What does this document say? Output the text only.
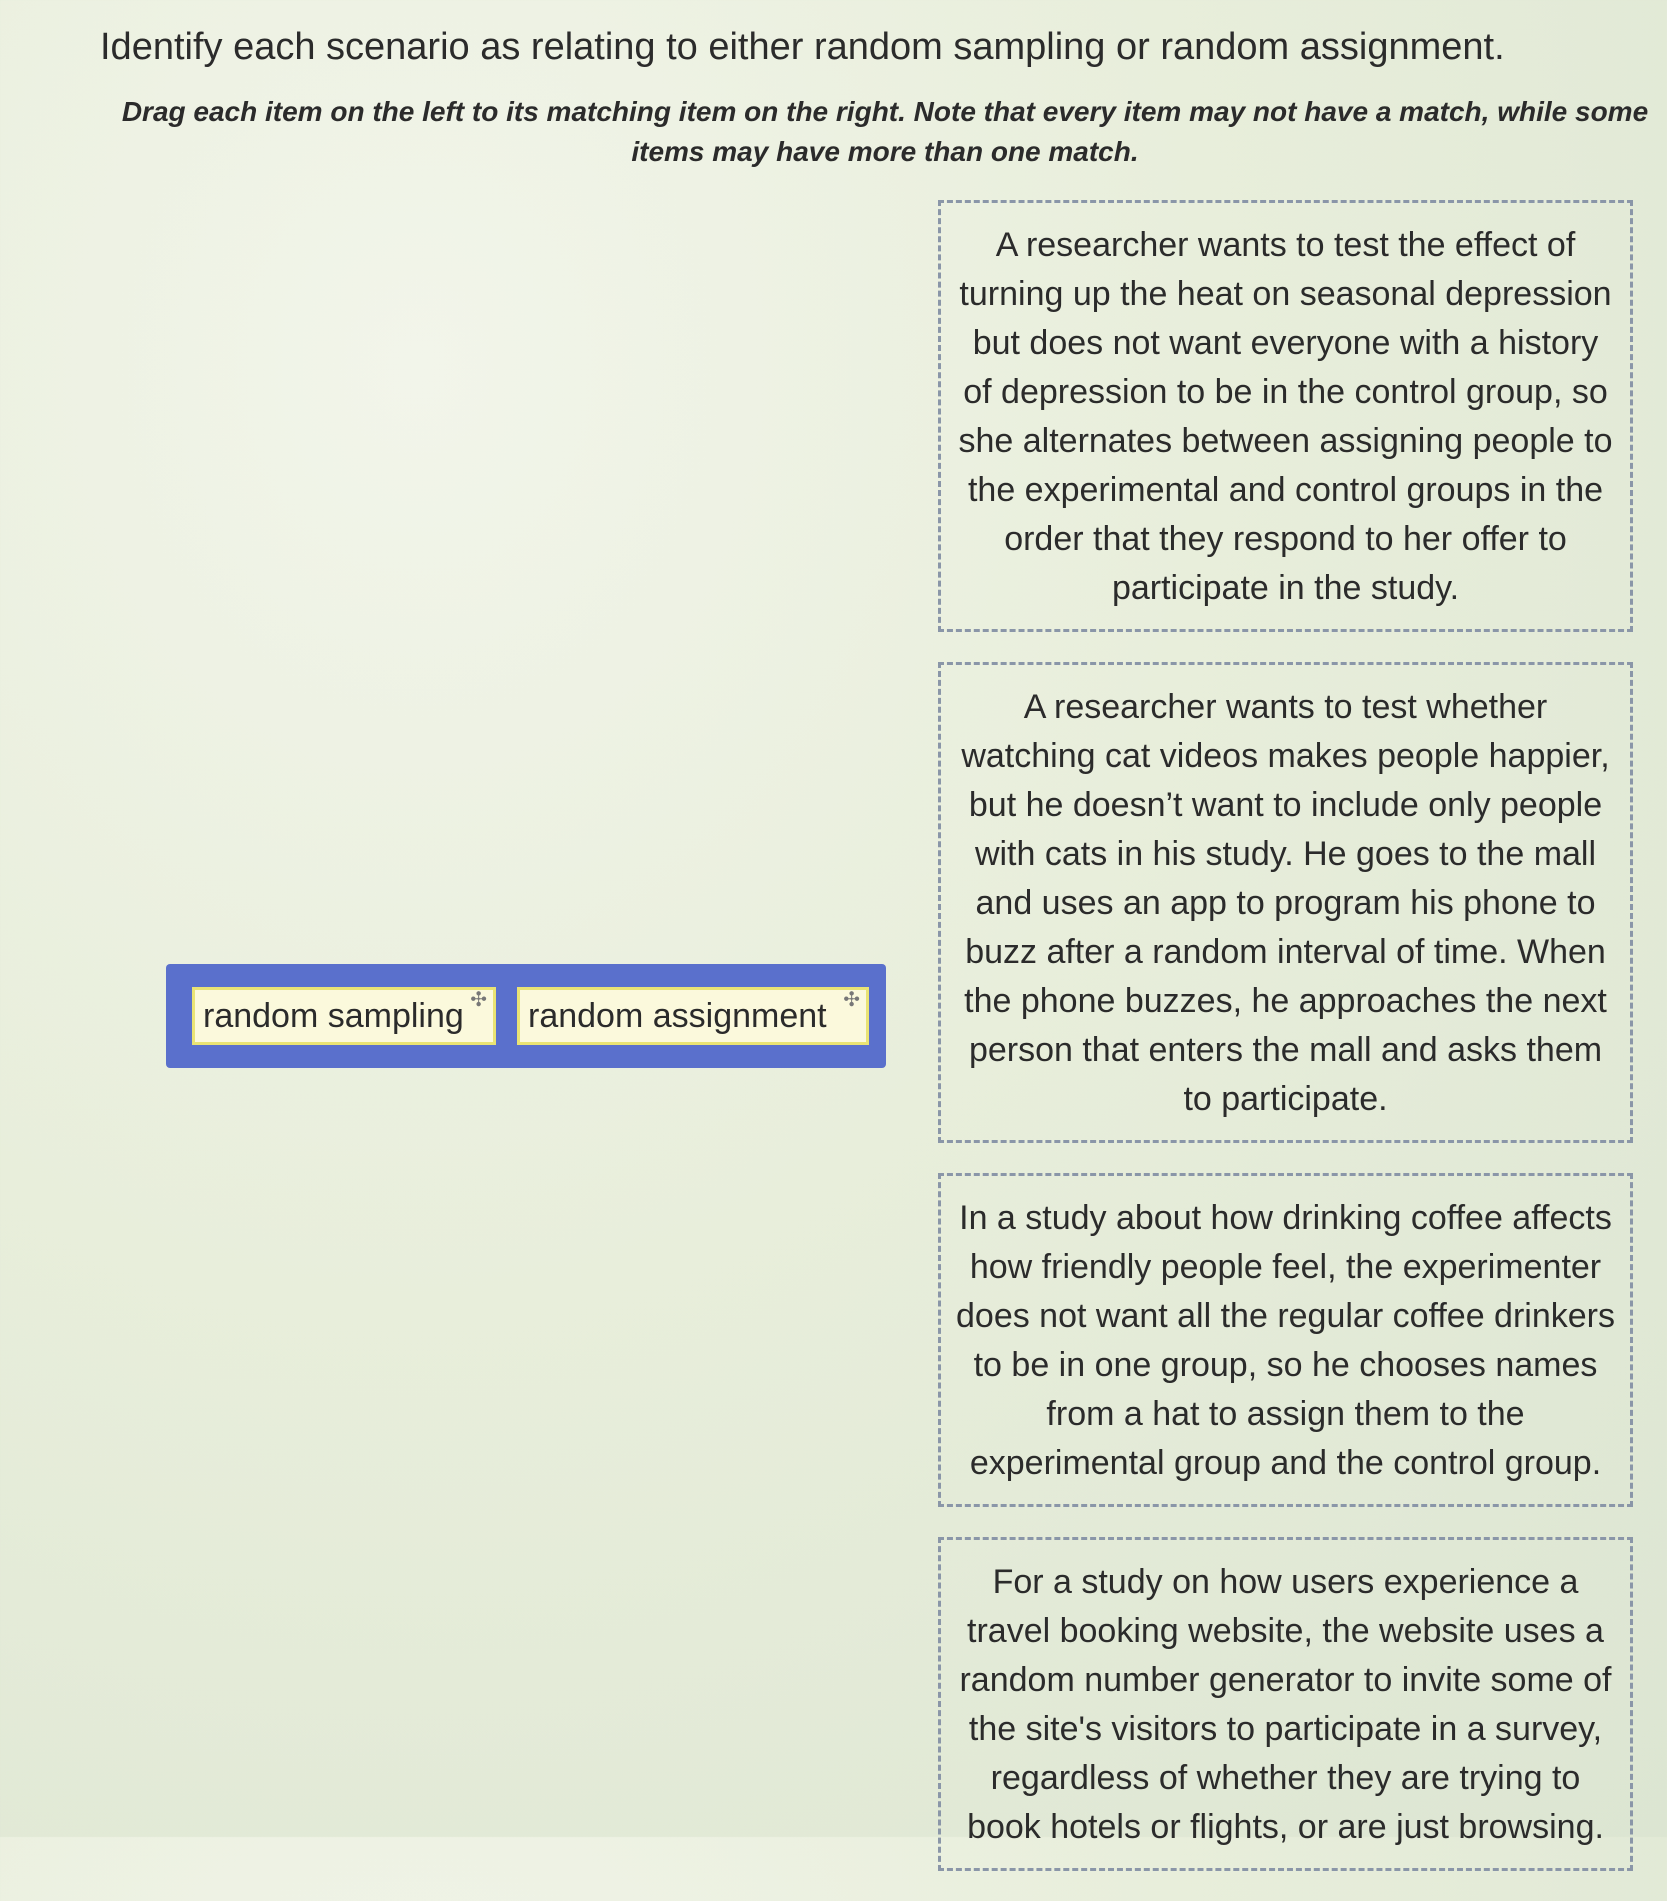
Identify each scenario as relating to either random sampling or random assignment.

Drag each item on the left to its matching item on the right. Note that every item may not have a match, while some items may have more than one match.

random sampling ✣	random assignment ✣
A researcher wants to test the effect of turning up the heat on seasonal depression but does not want everyone with a history of depression to be in the control group, so she alternates between assigning people to the experimental and control groups in the order that they respond to her offer to participate in the study.
A researcher wants to test whether watching cat videos makes people happier, but he doesn’t want to include only people with cats in his study. He goes to the mall and uses an app to program his phone to buzz after a random interval of time. When the phone buzzes, he approaches the next person that enters the mall and asks them to participate.
In a study about how drinking coffee affects how friendly people feel, the experimenter does not want all the regular coffee drinkers to be in one group, so he chooses names from a hat to assign them to the experimental group and the control group.
For a study on how users experience a travel booking website, the website uses a random number generator to invite some of the site's visitors to participate in a survey, regardless of whether they are trying to book hotels or flights, or are just browsing.
